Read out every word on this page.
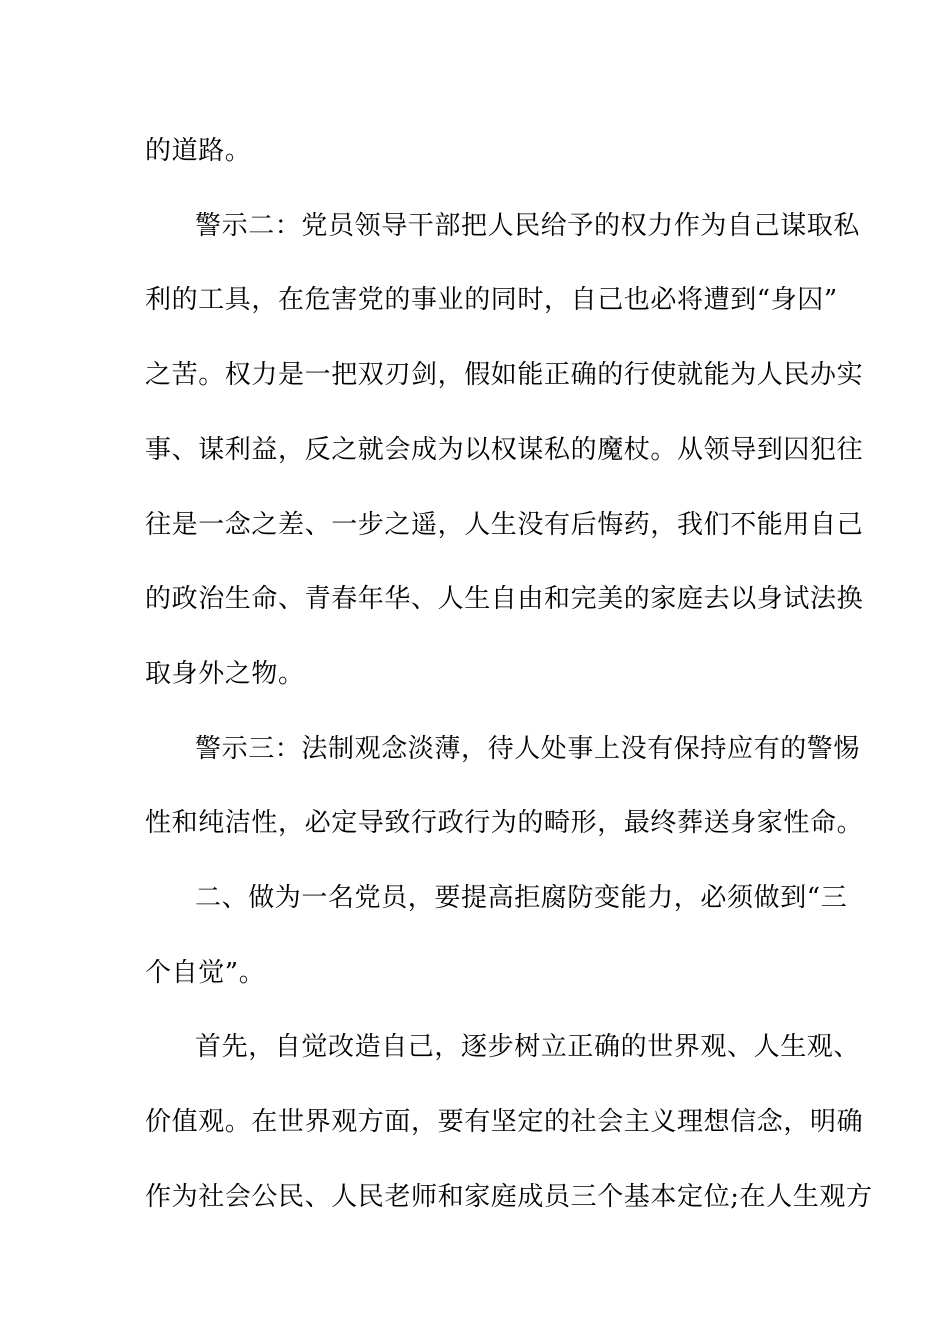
的道路。
警示二：党员领导干部把人民给予的权力作为自己谋取私
利的工具，在危害党的事业的同时，自己也必将遭到“身囚”
之苦。权力是一把双刃剑，假如能正确的行使就能为人民办实
事、谋利益，反之就会成为以权谋私的魔杖。从领导到囚犯往
往是一念之差、一步之遥，人生没有后悔药，我们不能用自己
的政治生命、青春年华、人生自由和完美的家庭去以身试法换
取身外之物。
警示三：法制观念淡薄，待人处事上没有保持应有的警惕
性和纯洁性，必定导致行政行为的畸形，最终葬送身家性命。
二、做为一名党员，要提高拒腐防变能力，必须做到“三
个自觉”。
首先，自觉改造自己，逐步树立正确的世界观、人生观、
价值观。在世界观方面，要有坚定的社会主义理想信念，明确
作为社会公民、人民老师和家庭成员三个基本定位;在人生观方
